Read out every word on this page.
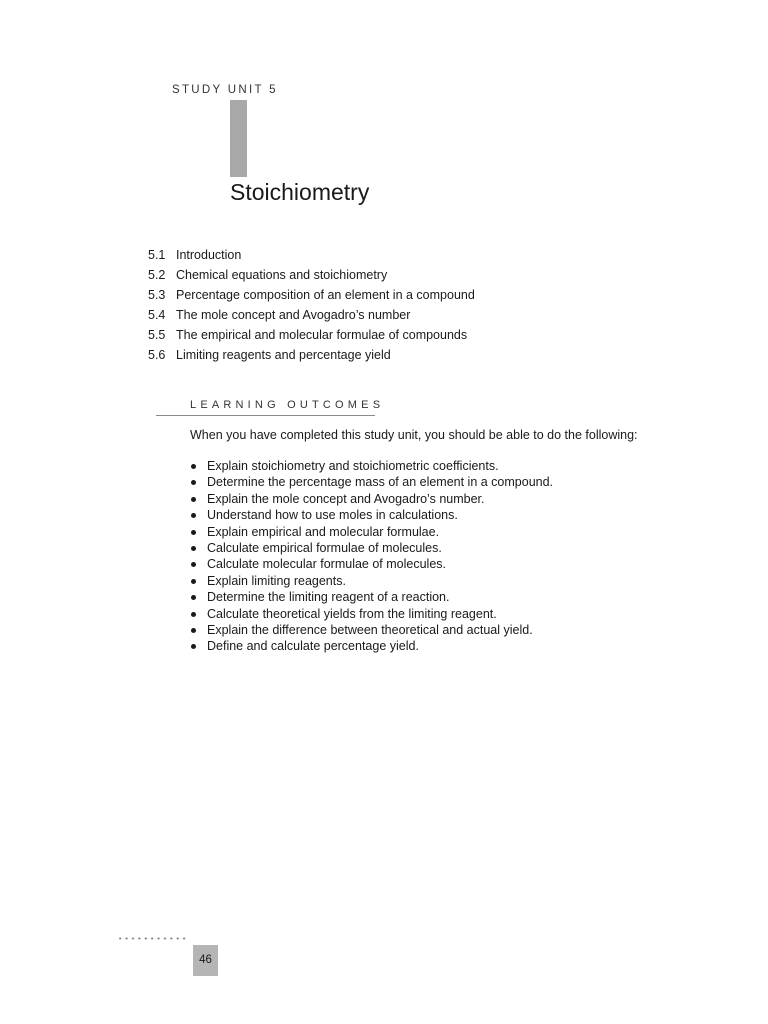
STUDY UNIT 5
Stoichiometry
5.1 Introduction
5.2 Chemical equations and stoichiometry
5.3 Percentage composition of an element in a compound
5.4 The mole concept and Avogadro’s number
5.5 The empirical and molecular formulae of compounds
5.6 Limiting reagents and percentage yield
LEARNING OUTCOMES
When you have completed this study unit, you should be able to do the following:
Explain stoichiometry and stoichiometric coefficients.
Determine the percentage mass of an element in a compound.
Explain the mole concept and Avogadro’s number.
Understand how to use moles in calculations.
Explain empirical and molecular formulae.
Calculate empirical formulae of molecules.
Calculate molecular formulae of molecules.
Explain limiting reagents.
Determine the limiting reagent of a reaction.
Calculate theoretical yields from the limiting reagent.
Explain the difference between theoretical and actual yield.
Define and calculate percentage yield.
46
